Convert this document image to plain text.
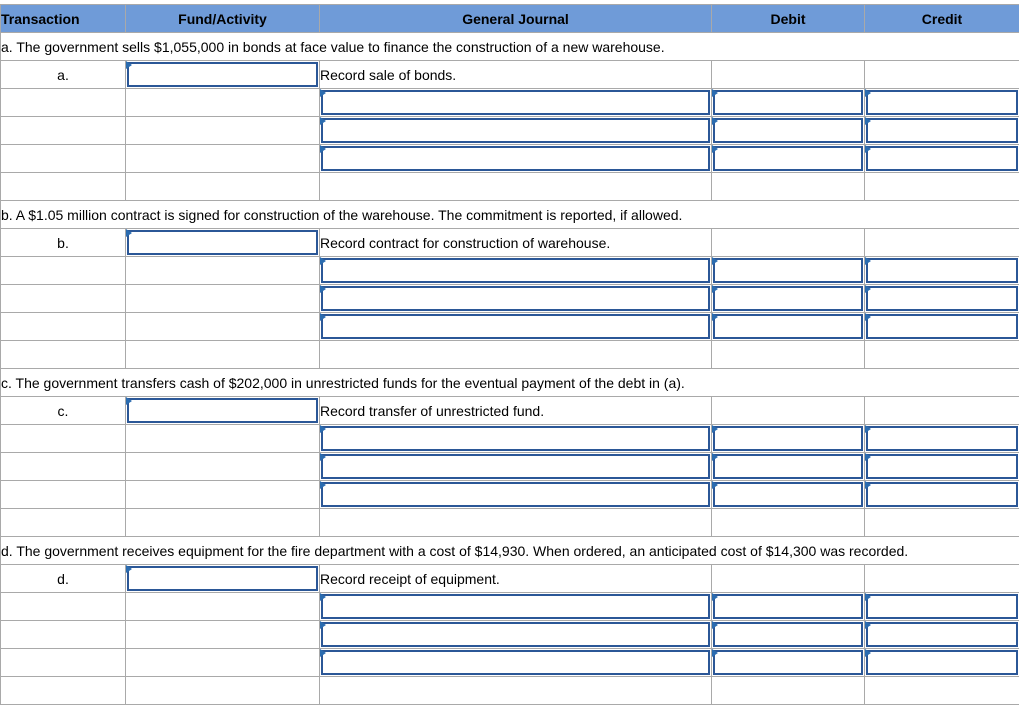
Transaction	Fund/Activity	General Journal	Debit	Credit
a. The government sells $1,055,000 in bonds at face value to finance the construction of a new warehouse.				
a.		Record sale of bonds.		

b. A $1.05 million contract is signed for construction of the warehouse. The commitment is reported, if allowed.				
b.		Record contract for construction of warehouse.		

c. The government transfers cash of $202,000 in unrestricted funds for the eventual payment of the debt in (a).				
c.		Record transfer of unrestricted fund.		

d. The government receives equipment for the fire department with a cost of $14,930. When ordered, an anticipated cost of $14,300 was recorded.				
d.		Record receipt of equipment.		
